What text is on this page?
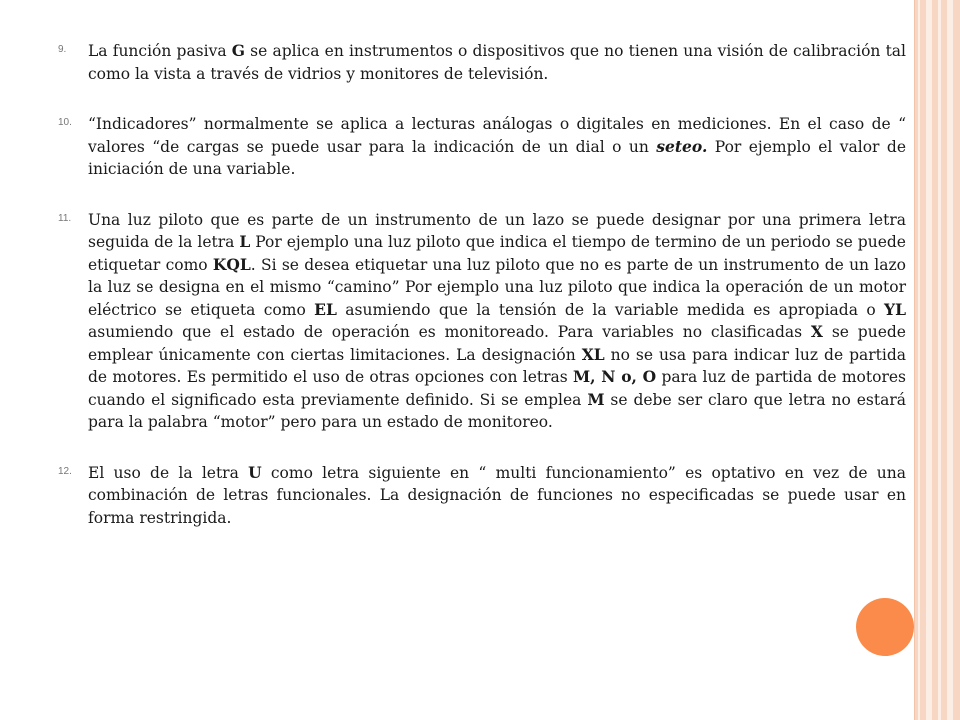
9.	La función pasiva G se aplica en instrumentos o dispositivos que no tienen una visión de calibración tal como la vista a través de vidrios y monitores de televisión.
10.	“Indicadores” normalmente se aplica a lecturas análogas o digitales en mediciones. En el caso de “ valores “de cargas se puede usar para la indicación de un dial o un seteo. Por ejemplo el valor de iniciación de una variable.
11.	Una luz piloto que es parte de un instrumento de un lazo se puede designar por una primera letra seguida de la letra L Por ejemplo una luz piloto que indica el tiempo de termino de un periodo se puede etiquetar como KQL. Si se desea etiquetar una luz piloto que no es parte de un instrumento de un lazo la luz se designa en el mismo “camino” Por ejemplo una luz piloto que indica la operación de un motor eléctrico se etiqueta como EL asumiendo que la tensión de la variable medida es apropiada o YL asumiendo que el estado de operación es monitoreado. Para variables no clasificadas X se puede emplear únicamente con ciertas limitaciones. La designación XL no se usa para indicar luz de partida de motores. Es permitido el uso de otras opciones con letras M, N o, O para luz de partida de motores cuando el significado esta previamente definido. Si se emplea M se debe ser claro que letra no estará para la palabra “motor” pero para un estado de monitoreo.
12.	El uso de la letra U como letra siguiente en “ multi funcionamiento” es optativo en vez de una combinación de letras funcionales. La designación de funciones no especificadas se puede usar en forma restringida.
